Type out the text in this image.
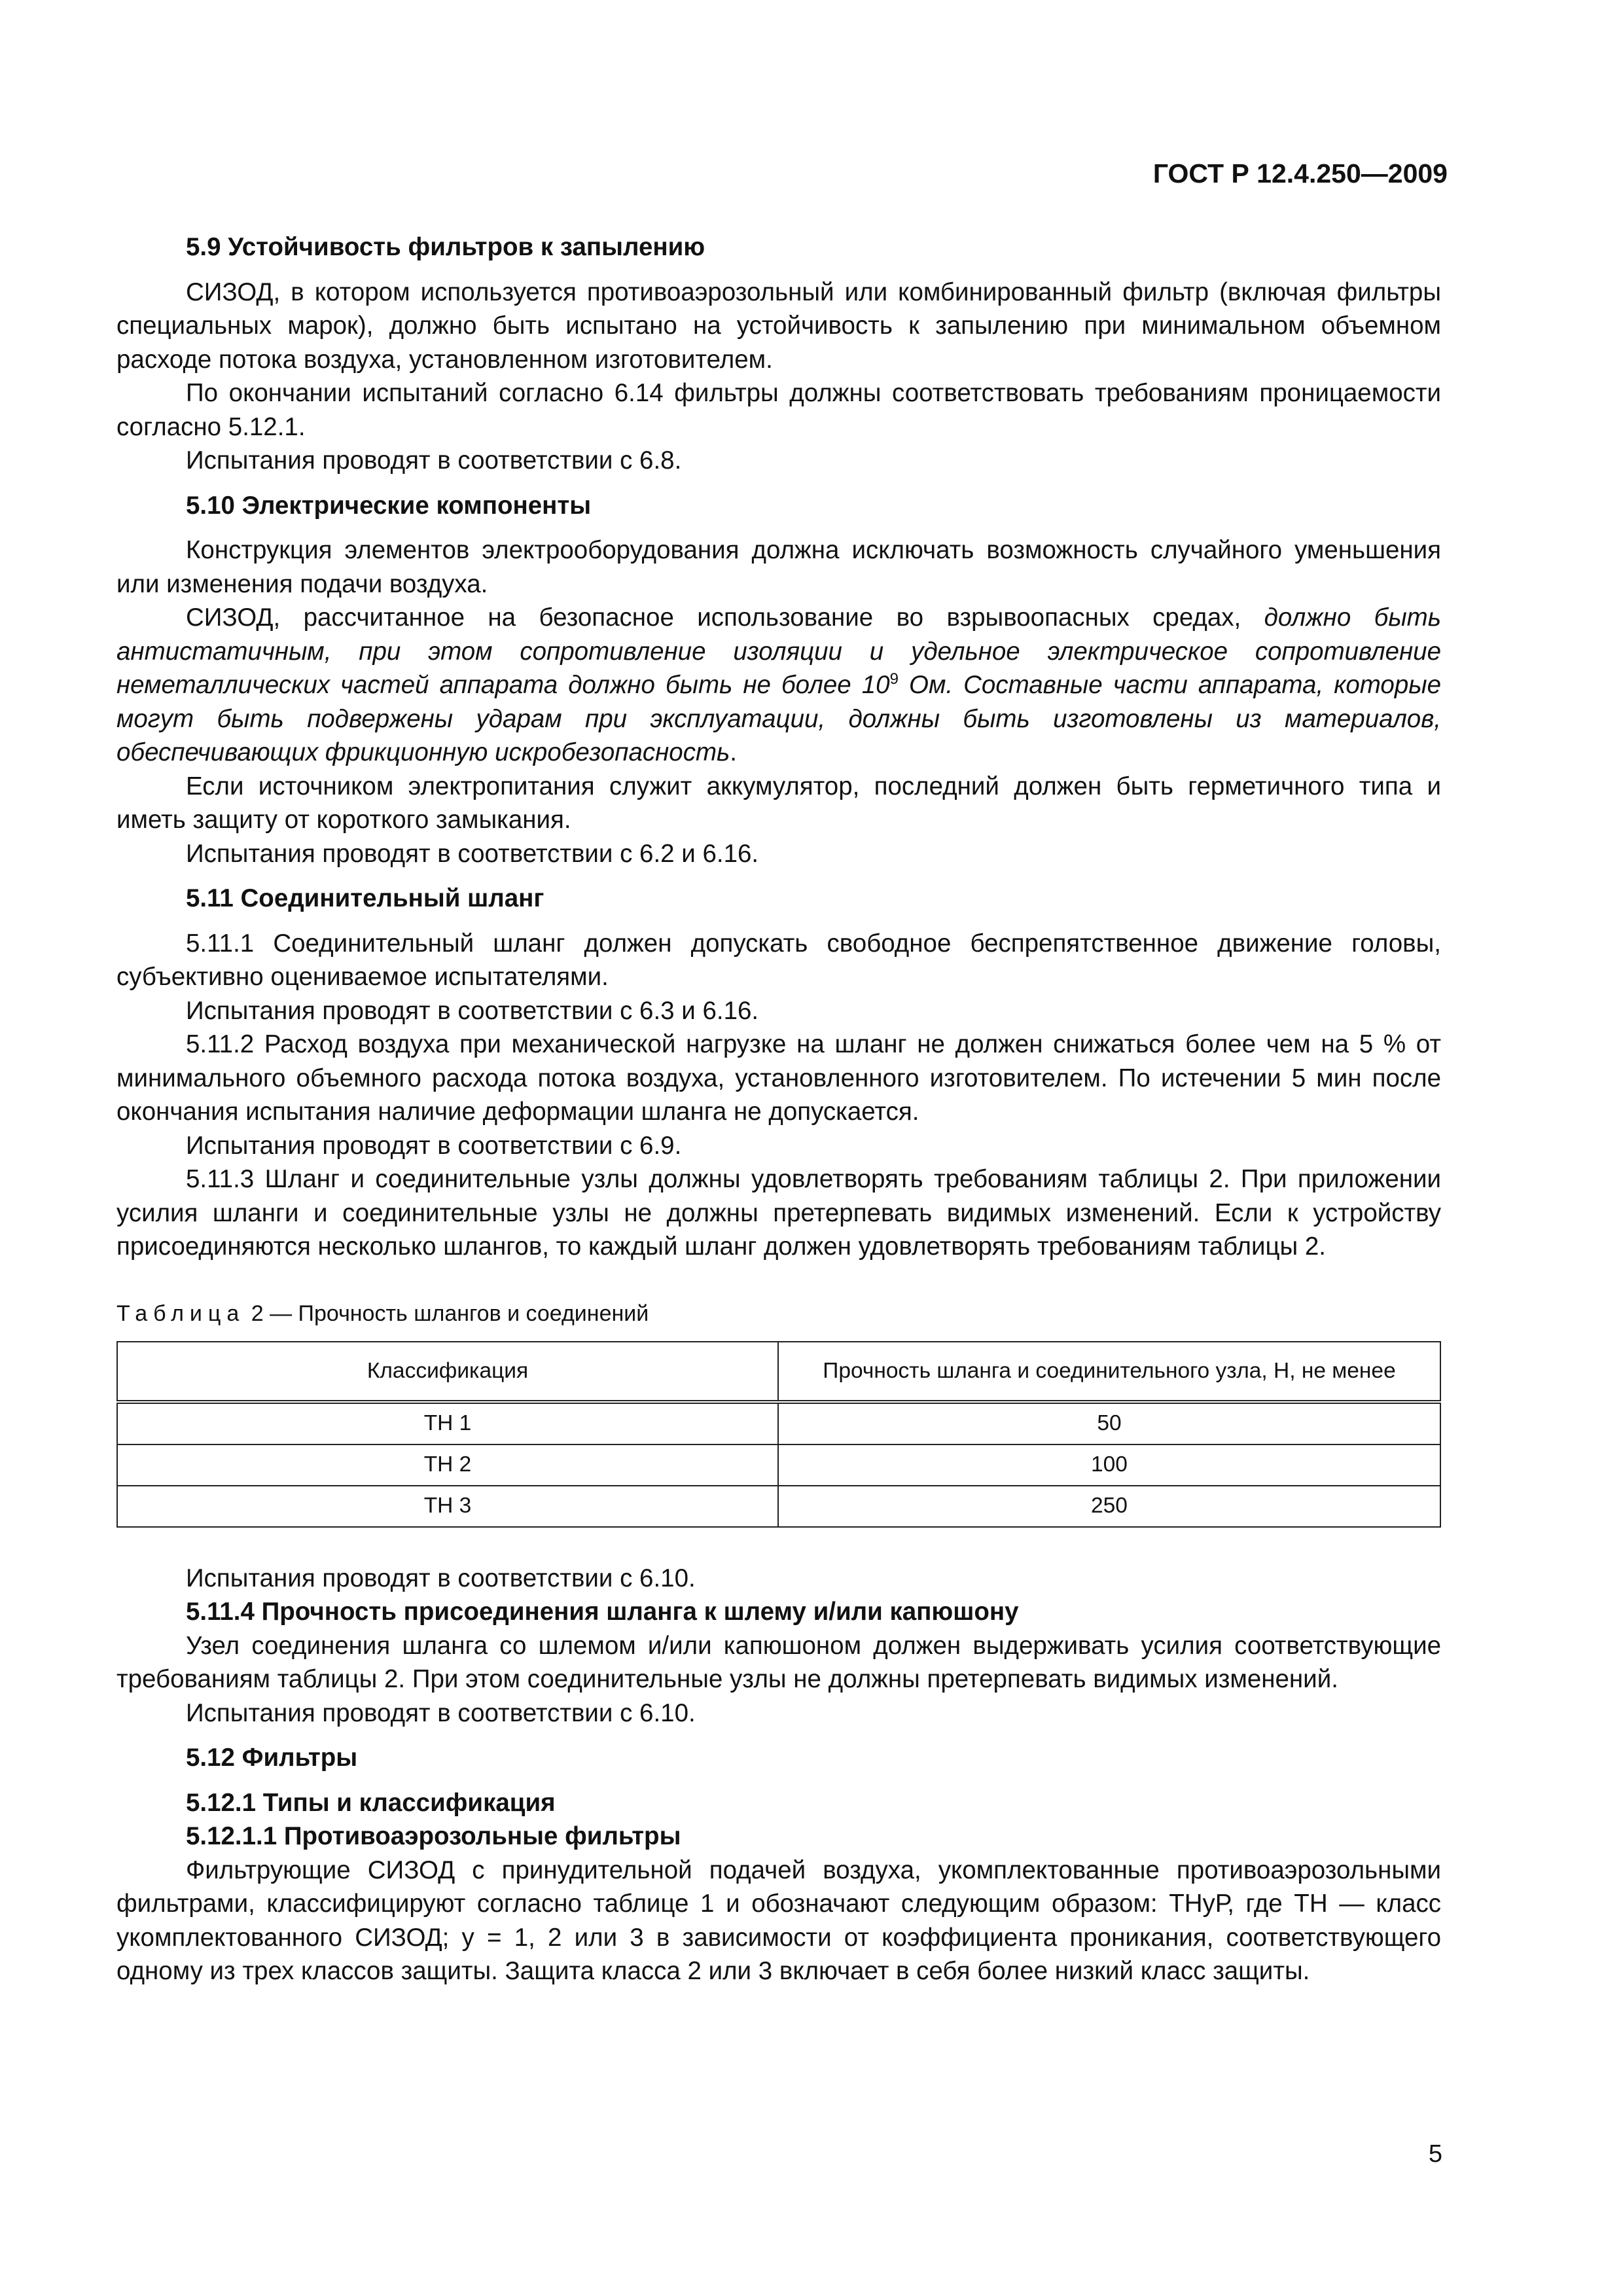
ГОСТ Р 12.4.250—2009
5.9 Устойчивость фильтров к запылению

СИЗОД, в котором используется противоаэрозольный или комбинированный фильтр (включая фильтры специальных марок), должно быть испытано на устойчивость к запылению при минимальном объемном расходе потока воздуха, установленном изготовителем.

По окончании испытаний согласно 6.14 фильтры должны соответствовать требованиям проницаемости согласно 5.12.1.

Испытания проводят в соответствии с 6.8.

5.10 Электрические компоненты

Конструкция элементов электрооборудования должна исключать возможность случайного уменьшения или изменения подачи воздуха.

СИЗОД, рассчитанное на безопасное использование во взрывоопасных средах, должно быть антистатичным, при этом сопротивление изоляции и удельное электрическое сопротивление неметаллических частей аппарата должно быть не более $10^9$ Ом. Составные части аппарата, которые могут быть подвержены ударам при эксплуатации, должны быть изготовлены из материалов, обеспечивающих фрикционную искробезопасность.

Если источником электропитания служит аккумулятор, последний должен быть герметичного типа и иметь защиту от короткого замыкания.

Испытания проводят в соответствии с 6.2 и 6.16.

5.11 Соединительный шланг

5.11.1 Соединительный шланг должен допускать свободное беспрепятственное движение головы, субъективно оцениваемое испытателями.

Испытания проводят в соответствии с 6.3 и 6.16.

5.11.2 Расход воздуха при механической нагрузке на шланг не должен снижаться более чем на 5 % от минимального объемного расхода потока воздуха, установленного изготовителем. По истечении 5 мин после окончания испытания наличие деформации шланга не допускается.

Испытания проводят в соответствии с 6.9.

5.11.3 Шланг и соединительные узлы должны удовлетворять требованиям таблицы 2. При приложении усилия шланги и соединительные узлы не должны претерпевать видимых изменений. Если к устройству присоединяются несколько шлангов, то каждый шланг должен удовлетворять требованиям таблицы 2.

Таблица 2 — Прочность шлангов и соединений

Классификация	Прочность шланга и соединительного узла, Н, не менее
ТН 1	50
ТН 2	100
ТН 3	250

Испытания проводят в соответствии с 6.10.

5.11.4 Прочность присоединения шланга к шлему и/или капюшону

Узел соединения шланга со шлемом и/или капюшоном должен выдерживать усилия соответствующие требованиям таблицы 2. При этом соединительные узлы не должны претерпевать видимых изменений.

Испытания проводят в соответствии с 6.10.

5.12 Фильтры
5.12.1 Типы и классификация
5.12.1.1 Противоаэрозольные фильтры

Фильтрующие СИЗОД с принудительной подачей воздуха, укомплектованные противоаэрозольными фильтрами, классифицируют согласно таблице 1 и обозначают следующим образом: ТНуР, где ТН — класс укомплектованного СИЗОД; у = 1, 2 или 3 в зависимости от коэффициента проникания, соответствующего одному из трех классов защиты. Защита класса 2 или 3 включает в себя более низкий класс защиты.

5
